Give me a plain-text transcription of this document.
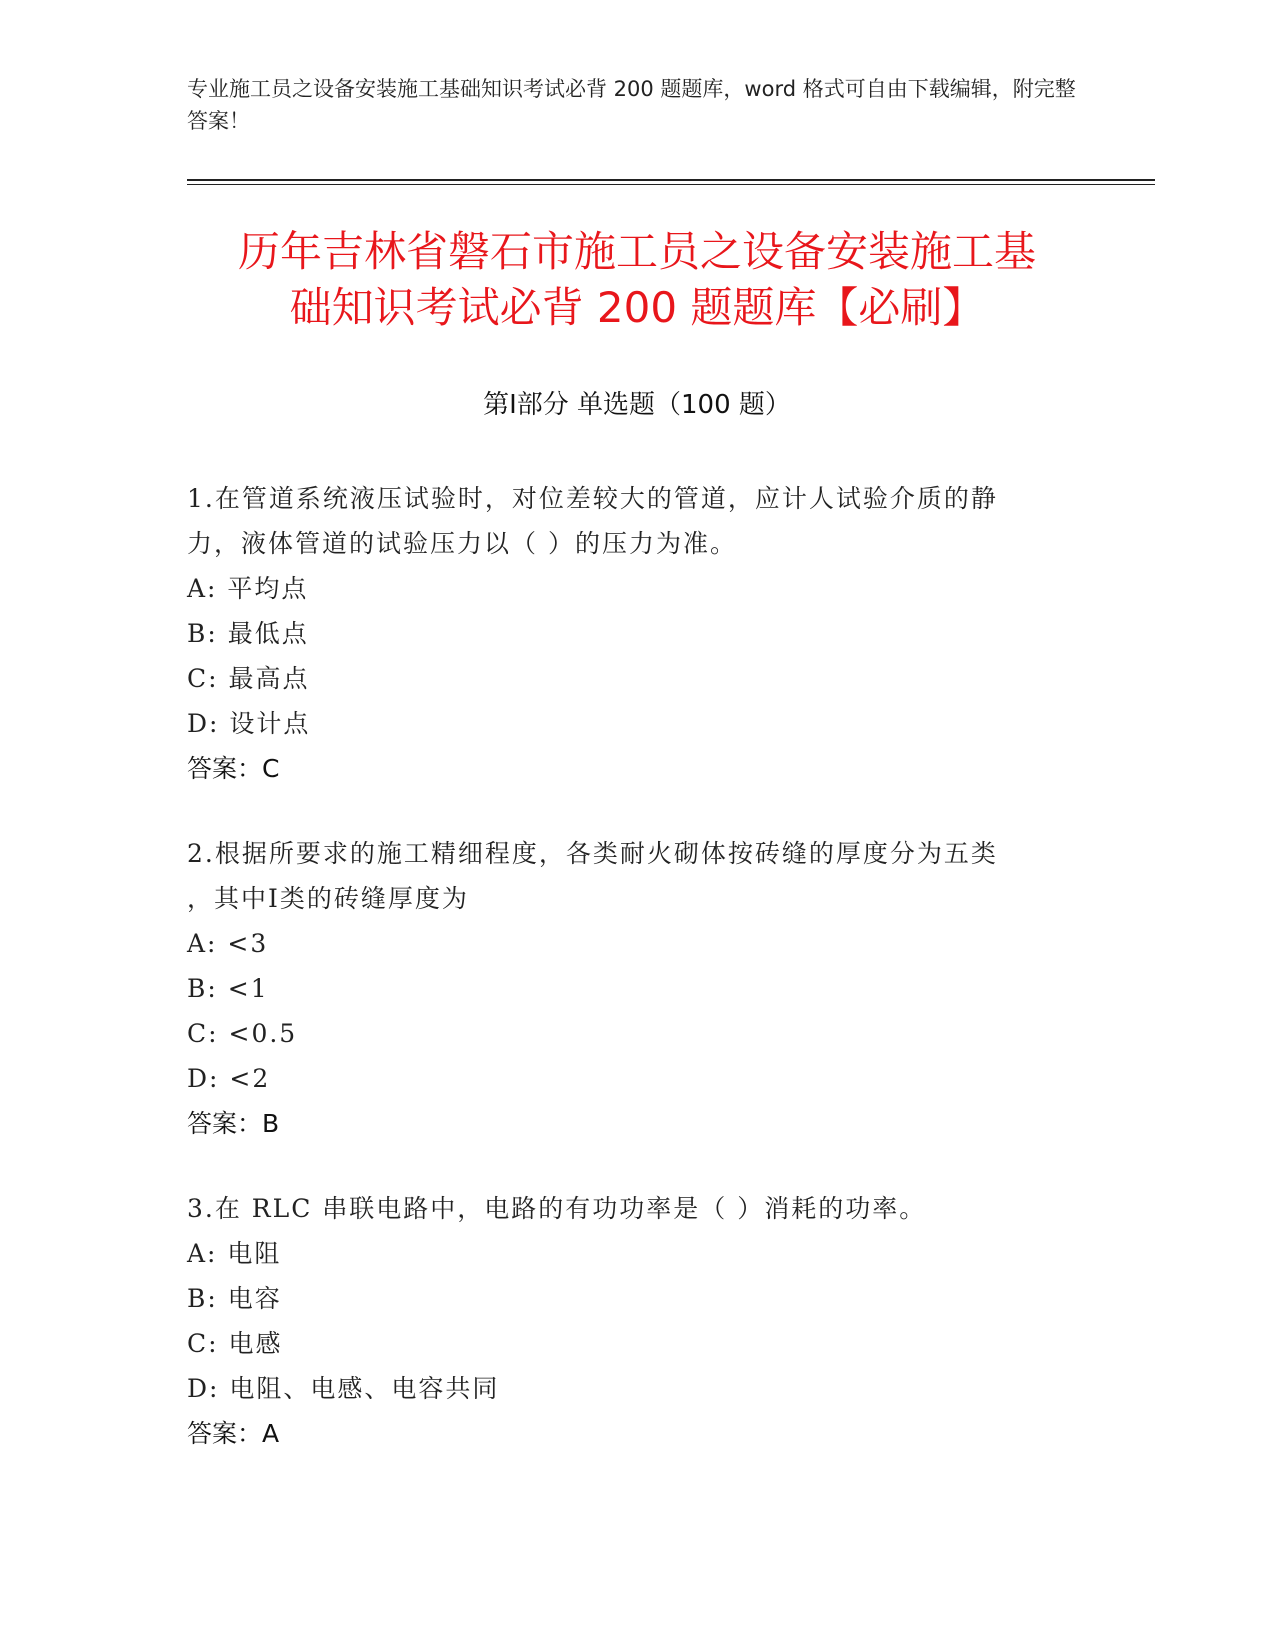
专业施工员之设备安装施工基础知识考试必背 200 题题库，word 格式可自由下载编辑，附完整答案！
历年吉林省磐石市施工员之设备安装施工基
础知识考试必背 200 题题库【必刷】
第Ⅰ部分 单选题（100 题）

1.在管道系统液压试验时，对位差较大的管道，应计人试验介质的静

力，液体管道的试验压力以（ ）的压力为准。

A: 平均点

B: 最低点

C: 最高点

D: 设计点

答案：C

2.根据所要求的施工精细程度，各类耐火砌体按砖缝的厚度分为五类

，其中Ⅰ类的砖缝厚度为

A: <3

B: <1

C: <0.5

D: <2

答案：B

3.在 RLC 串联电路中，电路的有功功率是（ ）消耗的功率。

A: 电阻

B: 电容

C: 电感

D: 电阻、电感、电容共同

答案：A
